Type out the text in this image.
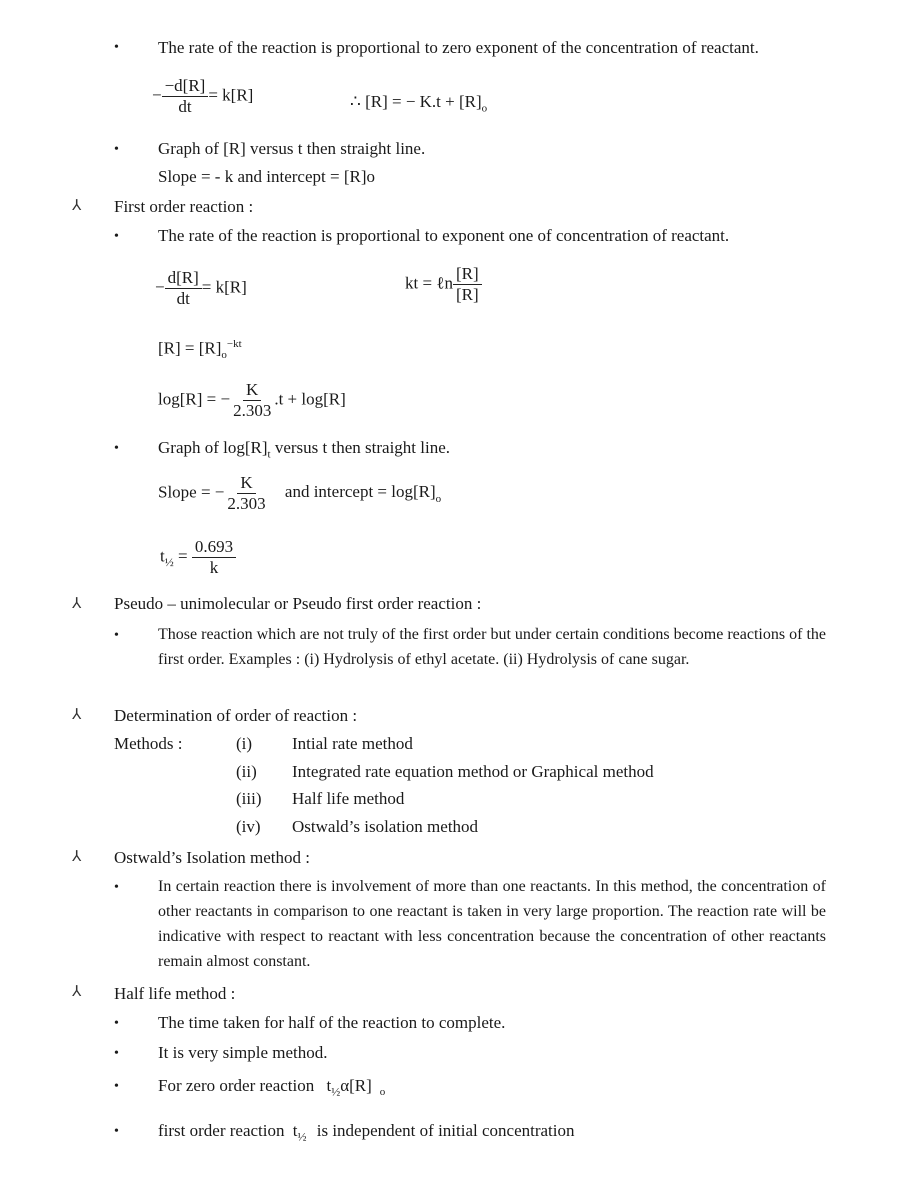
• The rate of the reaction is proportional to zero exponent of the concentration of reactant.
− $\frac{-d[R]}{dt} = k[R]$	∴ [R] = − $K.t + [R]_o$
• Graph of [R] versus t then straight line.
Slope = - k and intercept = [R]o
⅄ First order reaction :
• The rate of the reaction is proportional to exponent one of concentration of reactant.
− $\frac{d[R]}{dt} = k[R]$	kt = ℓn $\frac{[R]}{[R]}$
$[R] = [R]_o^{-kt}$
log[R] = − $\frac{K}{2.303} .t + \log[R]$
• Graph of $\log[R]_t$ versus t then straight line.
Slope = − $\frac{K}{2.303}$ and intercept = $\log[R]_o$
$t_{\frac{1}{2}} = \frac{0.693}{k}$
⅄ Pseudo – unimolecular or Pseudo first order reaction :
• Those reaction which are not truly of the first order but under certain conditions become reactions of the first order. Examples : (i) Hydrolysis of ethyl acetate. (ii) Hydrolysis of cane sugar.
⅄ Determination of order of reaction :
Methods :	(i) Intial rate method
(ii) Integrated rate equation method or Graphical method
(iii) Half life method
(iv) Ostwald’s isolation method
⅄ Ostwald’s Isolation method :
• In certain reaction there is involvement of more than one reactants. In this method, the concentration of other reactants in comparison to one reactant is taken in very large proportion. The reaction rate will be indicative with respect to reactant with less concentration because the concentration of other reactants remain almost constant.
⅄ Half life method :
• The time taken for half of the reaction to complete.
• It is very simple method.
• For zero order reaction $t_{\frac{1}{2}}\alpha[R]$ $_o$
• first order reaction $t_{\frac{1}{2}}$ is independent of initial concentration
